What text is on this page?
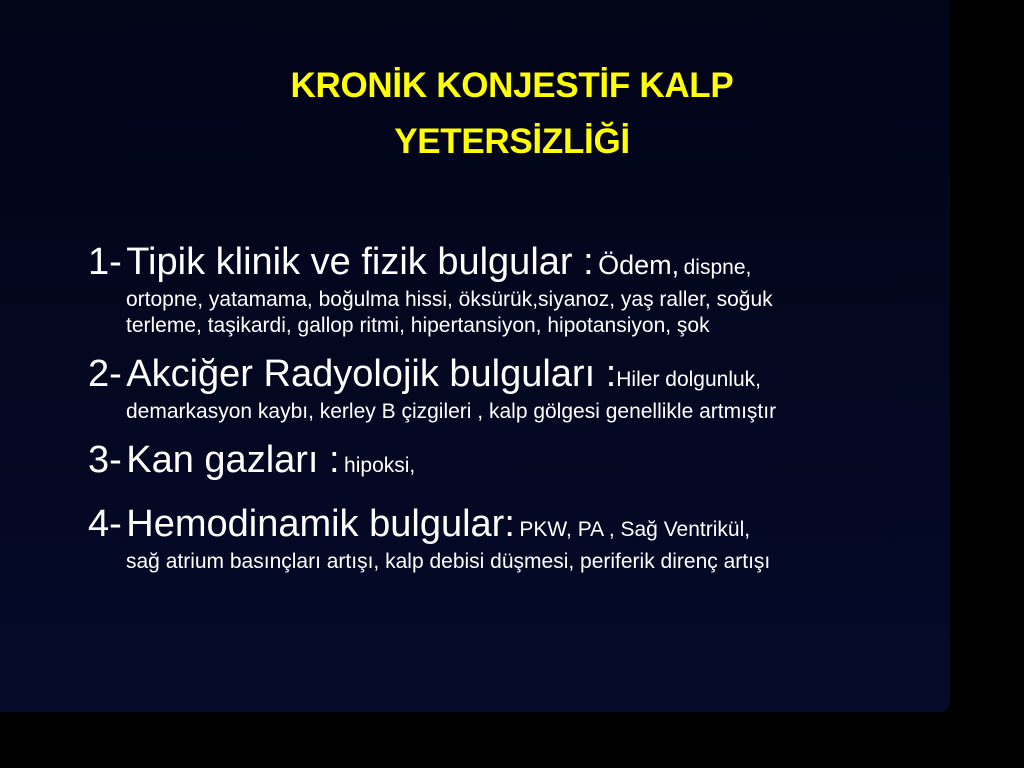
KRONİK KONJESTİF KALP
YETERSİZLİĞİ
1- Tipik klinik ve fizik bulgular : Ödem, dispne,
ortopne, yatamama, boğulma hissi, öksürük,siyanoz, yaş raller, soğuk
terleme, taşikardi, gallop ritmi, hipertansiyon, hipotansiyon, şok
2- Akciğer Radyolojik bulguları :Hiler dolgunluk,
demarkasyon kaybı, kerley B çizgileri , kalp gölgesi genellikle artmıştır
3- Kan gazları : hipoksi,
4- Hemodinamik bulgular: PKW, PA , Sağ Ventrikül,
sağ atrium basınçları artışı, kalp debisi düşmesi, periferik direnç artışı
